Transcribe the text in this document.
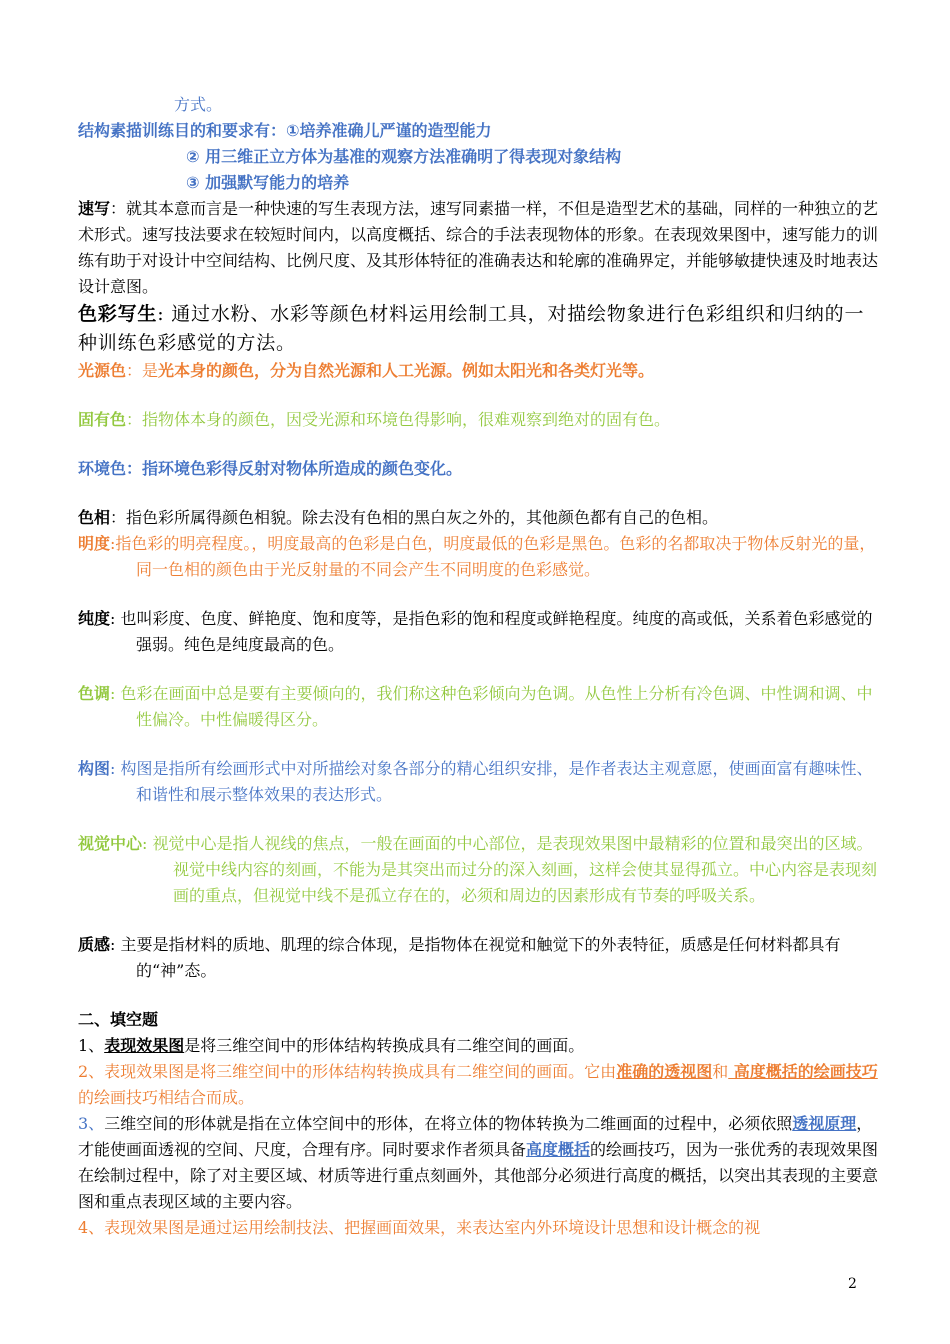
方式。
结构素描训练目的和要求有：①培养准确儿严谨的造型能力
② 用三维正立方体为基准的观察方法准确明了得表现对象结构
③ 加强默写能力的培养
速写：就其本意而言是一种快速的写生表现方法，速写同素描一样，不但是造型艺术的基础，同样的一种独立的艺术形式。速写技法要求在较短时间内，以高度概括、综合的手法表现物体的形象。在表现效果图中，速写能力的训练有助于对设计中空间结构、比例尺度、及其形体特征的准确表达和轮廓的准确界定，并能够敏捷快速及时地表达设计意图。
色彩写生: 通过水粉、水彩等颜色材料运用绘制工具，对描绘物象进行色彩组织和归纳的一种训练色彩感觉的方法。
光源色：是光本身的颜色，分为自然光源和人工光源。例如太阳光和各类灯光等。
固有色：指物体本身的颜色，因受光源和环境色得影响，很难观察到绝对的固有色。
环境色：指环境色彩得反射对物体所造成的颜色变化。
色相：指色彩所属得颜色相貌。除去没有色相的黑白灰之外的，其他颜色都有自己的色相。
明度:指色彩的明亮程度。，明度最高的色彩是白色，明度最低的色彩是黑色。色彩的名都取决于物体反射光的量，同一色相的颜色由于光反射量的不同会产生不同明度的色彩感觉。
纯度: 也叫彩度、色度、鲜艳度、饱和度等，是指色彩的饱和程度或鲜艳程度。纯度的高或低，关系着色彩感觉的强弱。纯色是纯度最高的色。
色调: 色彩在画面中总是要有主要倾向的，我们称这种色彩倾向为色调。从色性上分析有冷色调、中性调和调、中性偏冷。中性偏暖得区分。
构图: 构图是指所有绘画形式中对所描绘对象各部分的精心组织安排，是作者表达主观意愿，使画面富有趣味性、和谐性和展示整体效果的表达形式。
视觉中心: 视觉中心是指人视线的焦点，一般在画面的中心部位，是表现效果图中最精彩的位置和最突出的区域。视觉中线内容的刻画，不能为是其突出而过分的深入刻画，这样会使其显得孤立。中心内容是表现刻画的重点，但视觉中线不是孤立存在的，必须和周边的因素形成有节奏的呼吸关系。
质感: 主要是指材料的质地、肌理的综合体现，是指物体在视觉和触觉下的外表特征，质感是任何材料都具有的“神”态。
二、填空题
1、表现效果图是将三维空间中的形体结构转换成具有二维空间的画面。
2、表现效果图是将三维空间中的形体结构转换成具有二维空间的画面。它由准确的透视图和 高度概括的绘画技巧的绘画技巧相结合而成。
3、三维空间的形体就是指在立体空间中的形体，在将立体的物体转换为二维画面的过程中，必须依照透视原理，才能使画面透视的空间、尺度，合理有序。同时要求作者须具备高度概括的绘画技巧，因为一张优秀的表现效果图在绘制过程中，除了对主要区域、材质等进行重点刻画外，其他部分必须进行高度的概括，以突出其表现的主要意图和重点表现区域的主要内容。
4、表现效果图是通过运用绘制技法、把握画面效果，来表达室内外环境设计思想和设计概念的视
2
